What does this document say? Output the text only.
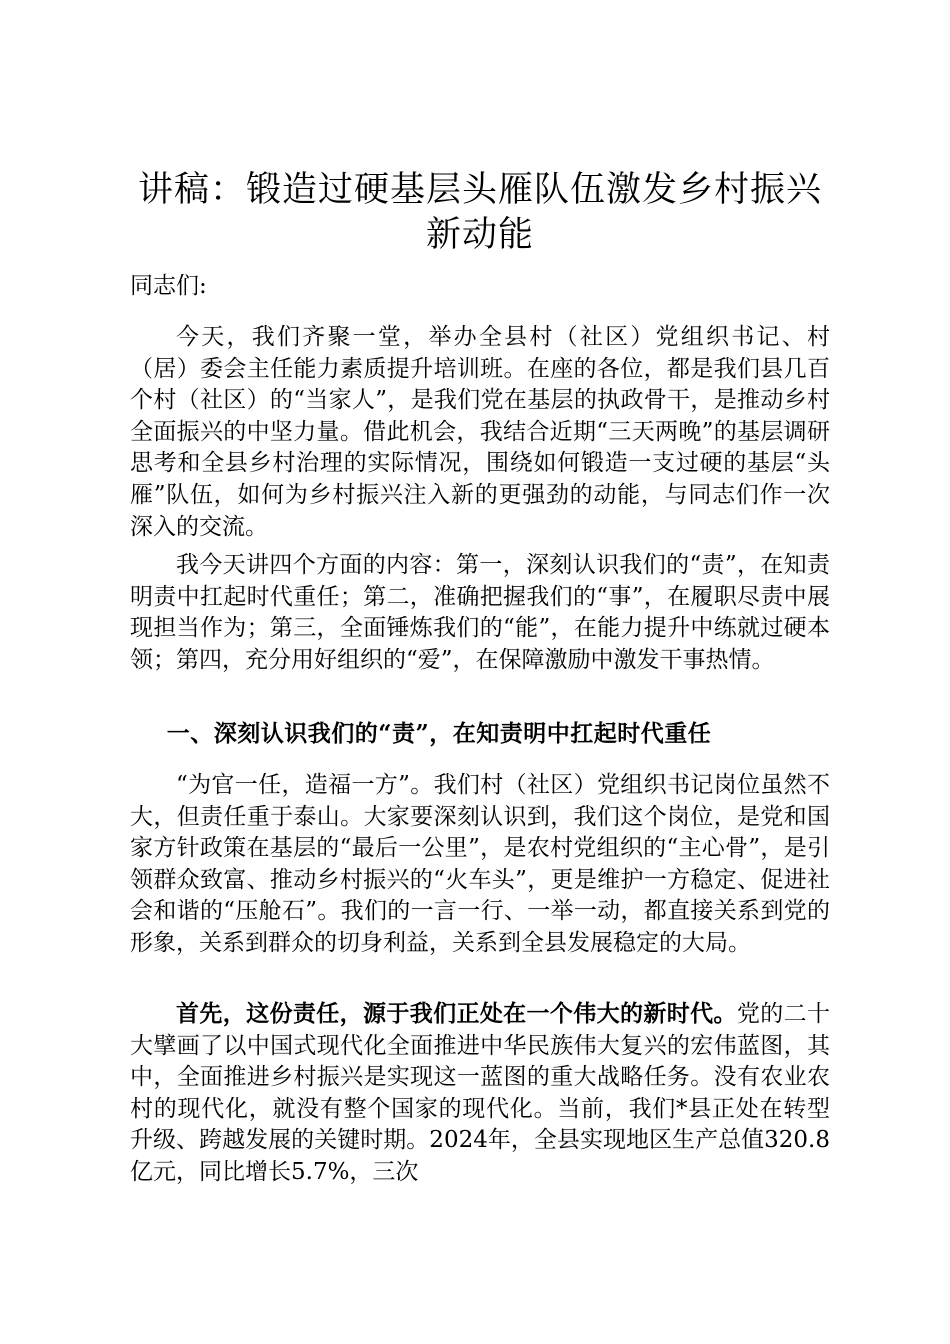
讲稿：锻造过硬基层头雁队伍激发乡村振兴新动能

同志们:

今天，我们齐聚一堂，举办全县村（社区）党组织书记、村（居）委会主任能力素质提升培训班。在座的各位，都是我们县几百个村（社区）的“当家人”，是我们党在基层的执政骨干，是推动乡村全面振兴的中坚力量。借此机会，我结合近期“三天两晚”的基层调研思考和全县乡村治理的实际情况，围绕如何锻造一支过硬的基层“头雁”队伍，如何为乡村振兴注入新的更强劲的动能，与同志们作一次深入的交流。

我今天讲四个方面的内容：第一，深刻认识我们的“责”，在知责明责中扛起时代重任；第二，准确把握我们的“事”，在履职尽责中展现担当作为；第三，全面锤炼我们的“能”，在能力提升中练就过硬本领；第四，充分用好组织的“爱”，在保障激励中激发干事热情。

一、深刻认识我们的“责”，在知责明中扛起时代重任

“为官一任，造福一方”。我们村（社区）党组织书记岗位虽然不大，但责任重于泰山。大家要深刻认识到，我们这个岗位，是党和国家方针政策在基层的“最后一公里”，是农村党组织的“主心骨”，是引领群众致富、推动乡村振兴的“火车头”，更是维护一方稳定、促进社会和谐的“压舱石”。我们的一言一行、一举一动，都直接关系到党的形象，关系到群众的切身利益，关系到全县发展稳定的大局。

首先，这份责任，源于我们正处在一个伟大的新时代。党的二十大擘画了以中国式现代化全面推进中华民族伟大复兴的宏伟蓝图，其中，全面推进乡村振兴是实现这一蓝图的重大战略任务。没有农业农村的现代化，就没有整个国家的现代化。当前，我们*县正处在转型升级、跨越发展的关键时期。2024年，全县实现地区生产总值320.8亿元，同比增长5.7%，三次
